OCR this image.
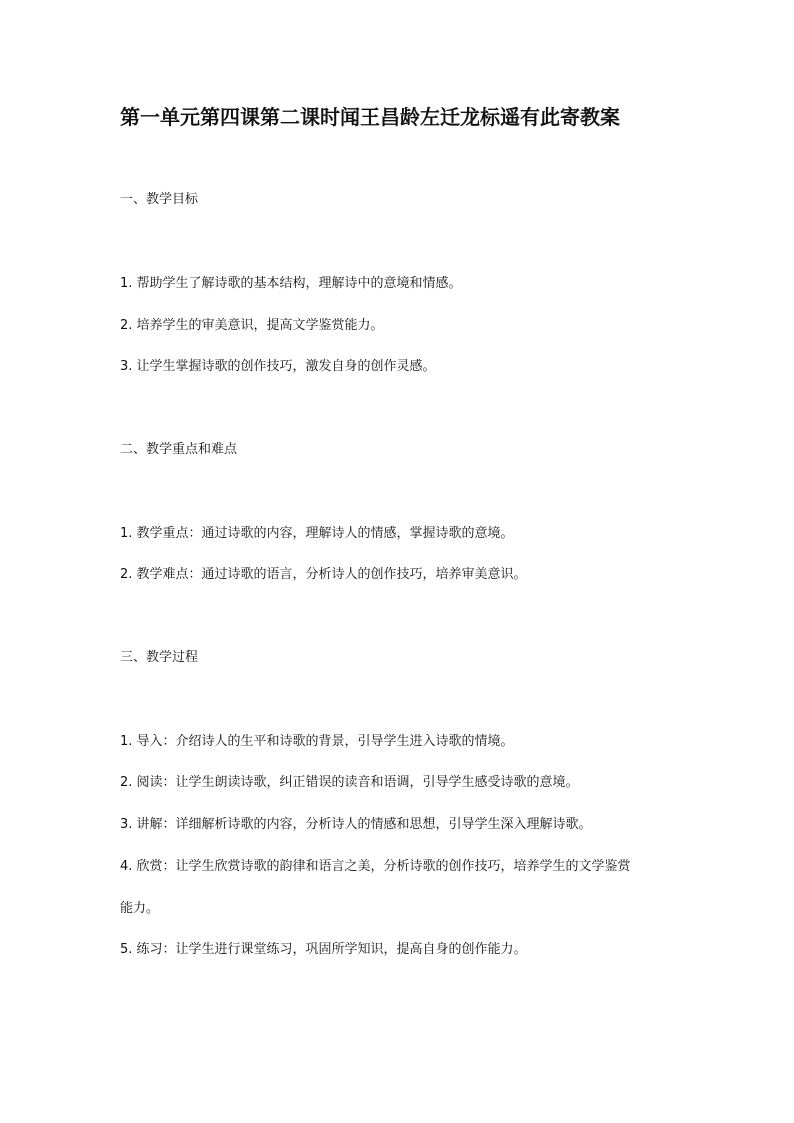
第一单元第四课第二课时闻王昌龄左迁龙标遥有此寄教案
一、教学目标
1. 帮助学生了解诗歌的基本结构，理解诗中的意境和情感。
2. 培养学生的审美意识，提高文学鉴赏能力。
3. 让学生掌握诗歌的创作技巧，激发自身的创作灵感。
二、教学重点和难点
1. 教学重点：通过诗歌的内容，理解诗人的情感，掌握诗歌的意境。
2. 教学难点：通过诗歌的语言，分析诗人的创作技巧，培养审美意识。
三、教学过程
1. 导入：介绍诗人的生平和诗歌的背景，引导学生进入诗歌的情境。
2. 阅读：让学生朗读诗歌，纠正错误的读音和语调，引导学生感受诗歌的意境。
3. 讲解：详细解析诗歌的内容，分析诗人的情感和思想，引导学生深入理解诗歌。
4. 欣赏：让学生欣赏诗歌的韵律和语言之美，分析诗歌的创作技巧，培养学生的文学鉴赏
能力。
5. 练习：让学生进行课堂练习，巩固所学知识，提高自身的创作能力。
